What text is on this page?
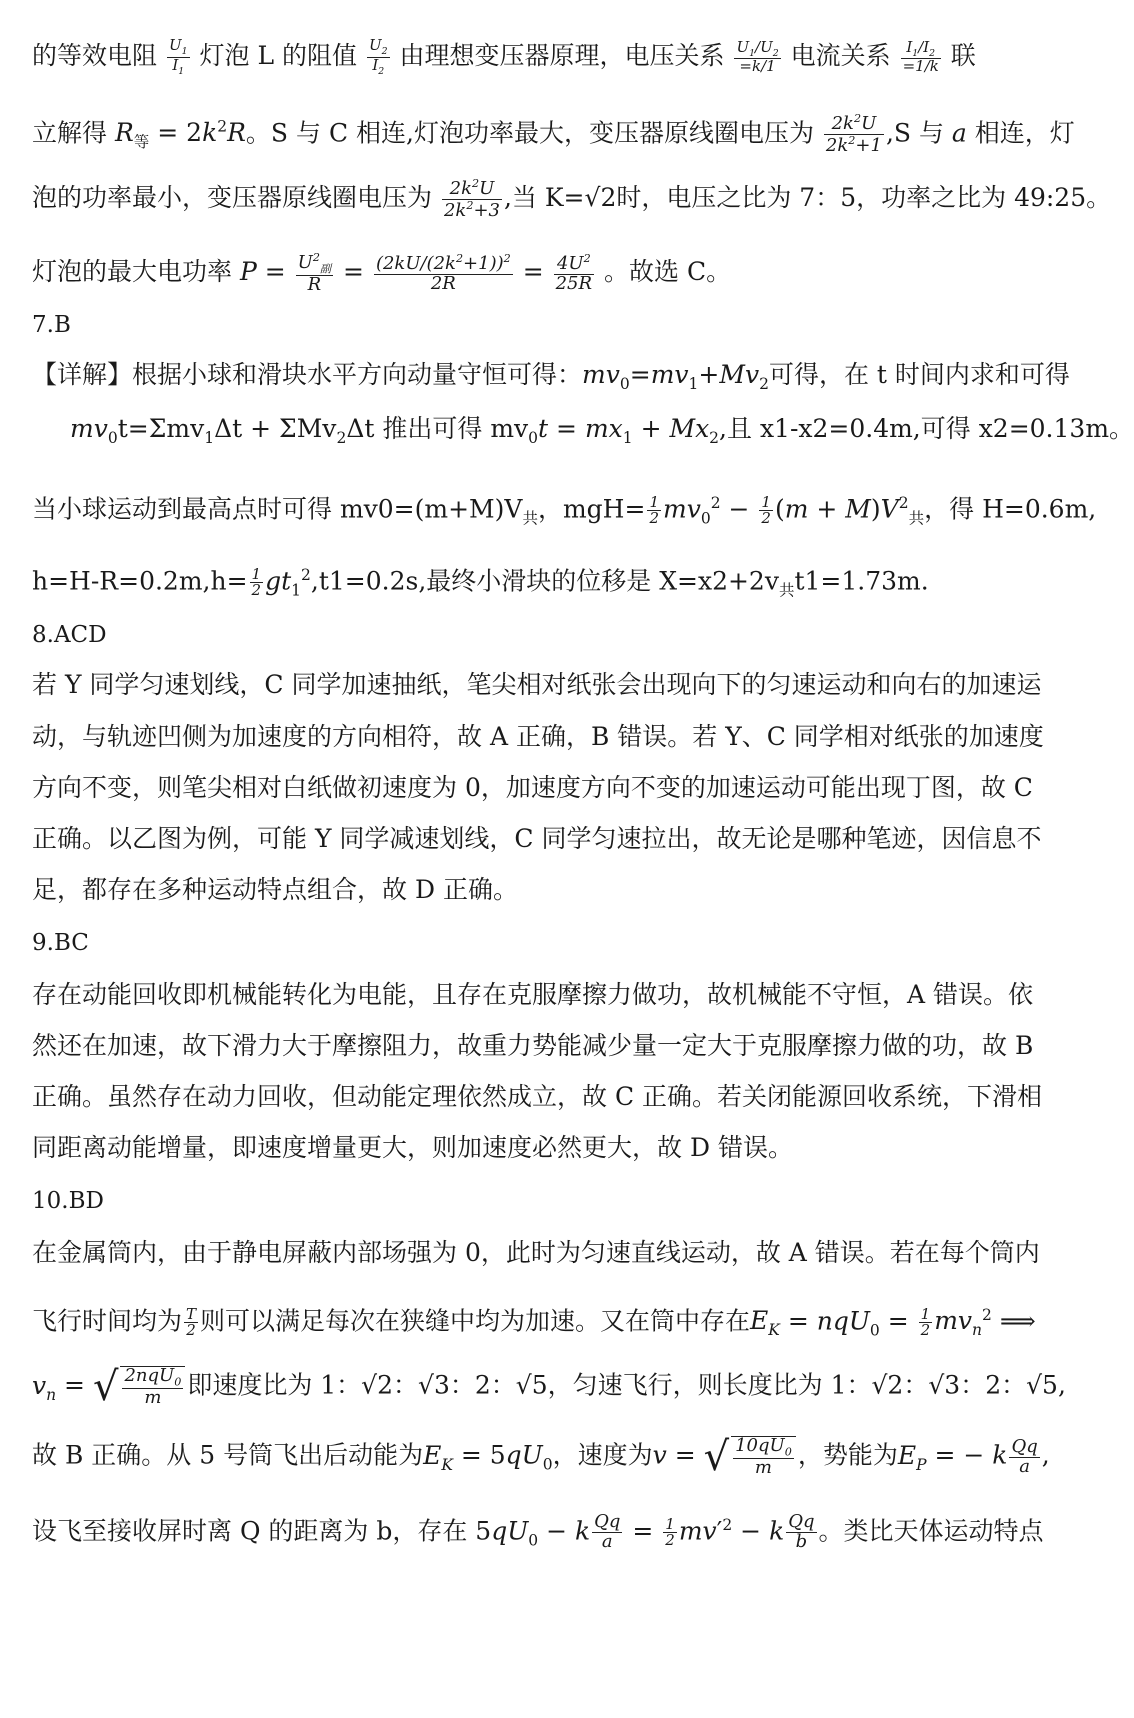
的等效电阻 $\frac{U_1}{I_1}$ 灯泡 L 的阻值 $\frac{U_2}{I_2}$ 由理想变压器原理，电压关系 $\frac{U_1/U_2}{=k/1}$ 电流关系 $\frac{I_1/I_2}{=1/k}$ 联
立解得 $R_等 = 2k^2R$。S 与 C 相连,灯泡功率最大，变压器原线圈电压为 $\frac{2k^2U}{2k^2+1} ,S$ 与 a 相连，灯
泡的功率最小，变压器原线圈电压为 $\frac{2k^2U}{2k^2+3}$ ,当 K=√2时，电压之比为 7：5，功率之比为 49:25。
灯泡的最大电功率 $P = \frac{U^2_副}{R} = \frac{(2kU/(2k^2+1))^2}{2R} = \frac{4U^2}{25R}$ 。故选 C。
7.B
【详解】根据小球和滑块水平方向动量守恒可得：$mv_0=mv_1+Mv_2$可得，在 t 时间内求和可得
$mv_0t=\Sigma mv_1\Delta t + \Sigma Mv_2\Delta t$ 推出可得 $mv_0t = mx_1 + Mx_2$,且 x1-x2=0.4m,可得 x2=0.13m。
当小球运动到最高点时可得 $mv0=(m+M)V_共$，$mgH= \frac{1}{2} mv_0^2 - \frac{1}{2} (m + M)V^2_共$，得 H=0.6m,
$h=H-R=0.2m,h= \frac{1}{2} gt_1^2,t1=0.2s$,最终小滑块的位移是 $X=x2+2v_共t1=1.73m$.
8.ACD
若 Y 同学匀速划线，C 同学加速抽纸，笔尖相对纸张会出现向下的匀速运动和向右的加速运
动，与轨迹凹侧为加速度的方向相符，故 A 正确，B 错误。若 Y、C 同学相对纸张的加速度
方向不变，则笔尖相对白纸做初速度为 0，加速度方向不变的加速运动可能出现丁图，故 C
正确。以乙图为例，可能 Y 同学减速划线，C 同学匀速拉出，故无论是哪种笔迹，因信息不
足，都存在多种运动特点组合，故 D 正确。
9.BC
存在动能回收即机械能转化为电能，且存在克服摩擦力做功，故机械能不守恒，A 错误。依
然还在加速，故下滑力大于摩擦阻力，故重力势能减少量一定大于克服摩擦力做的功，故 B
正确。虽然存在动力回收，但动能定理依然成立，故 C 正确。若关闭能源回收系统，下滑相
同距离动能增量，即速度增量更大，则加速度必然更大，故 D 错误。
10.BD
在金属筒内，由于静电屏蔽内部场强为 0，此时为匀速直线运动，故 A 错误。若在每个筒内
飞行时间均为 $\frac{T}{2}$ 则可以满足每次在狭缝中均为加速。又在筒中存在$E_K = nqU_0 = \frac{1}{2} mv_n^2$ ⟹
$v_n$ = √ $\frac{2nqU_0}{m}$ 即速度比为 1：√2：√3：2：√5，匀速飞行，则长度比为 1：√2：√3：2：√5,
故 B 正确。从 5 号筒飞出后动能为$E_K = 5qU_0$，速度为v = √ $\frac{10qU_0}{m}$ ，势能为$E_P$ = − k $\frac{Qq}{a}$ ,
设飞至接收屏时离 Q 的距离为 b，存在 $5qU_0 - k \frac{Qq}{a} = \frac{1}{2} mv'^2 - k \frac{Qq}{b}$ 。类比天体运动特点
